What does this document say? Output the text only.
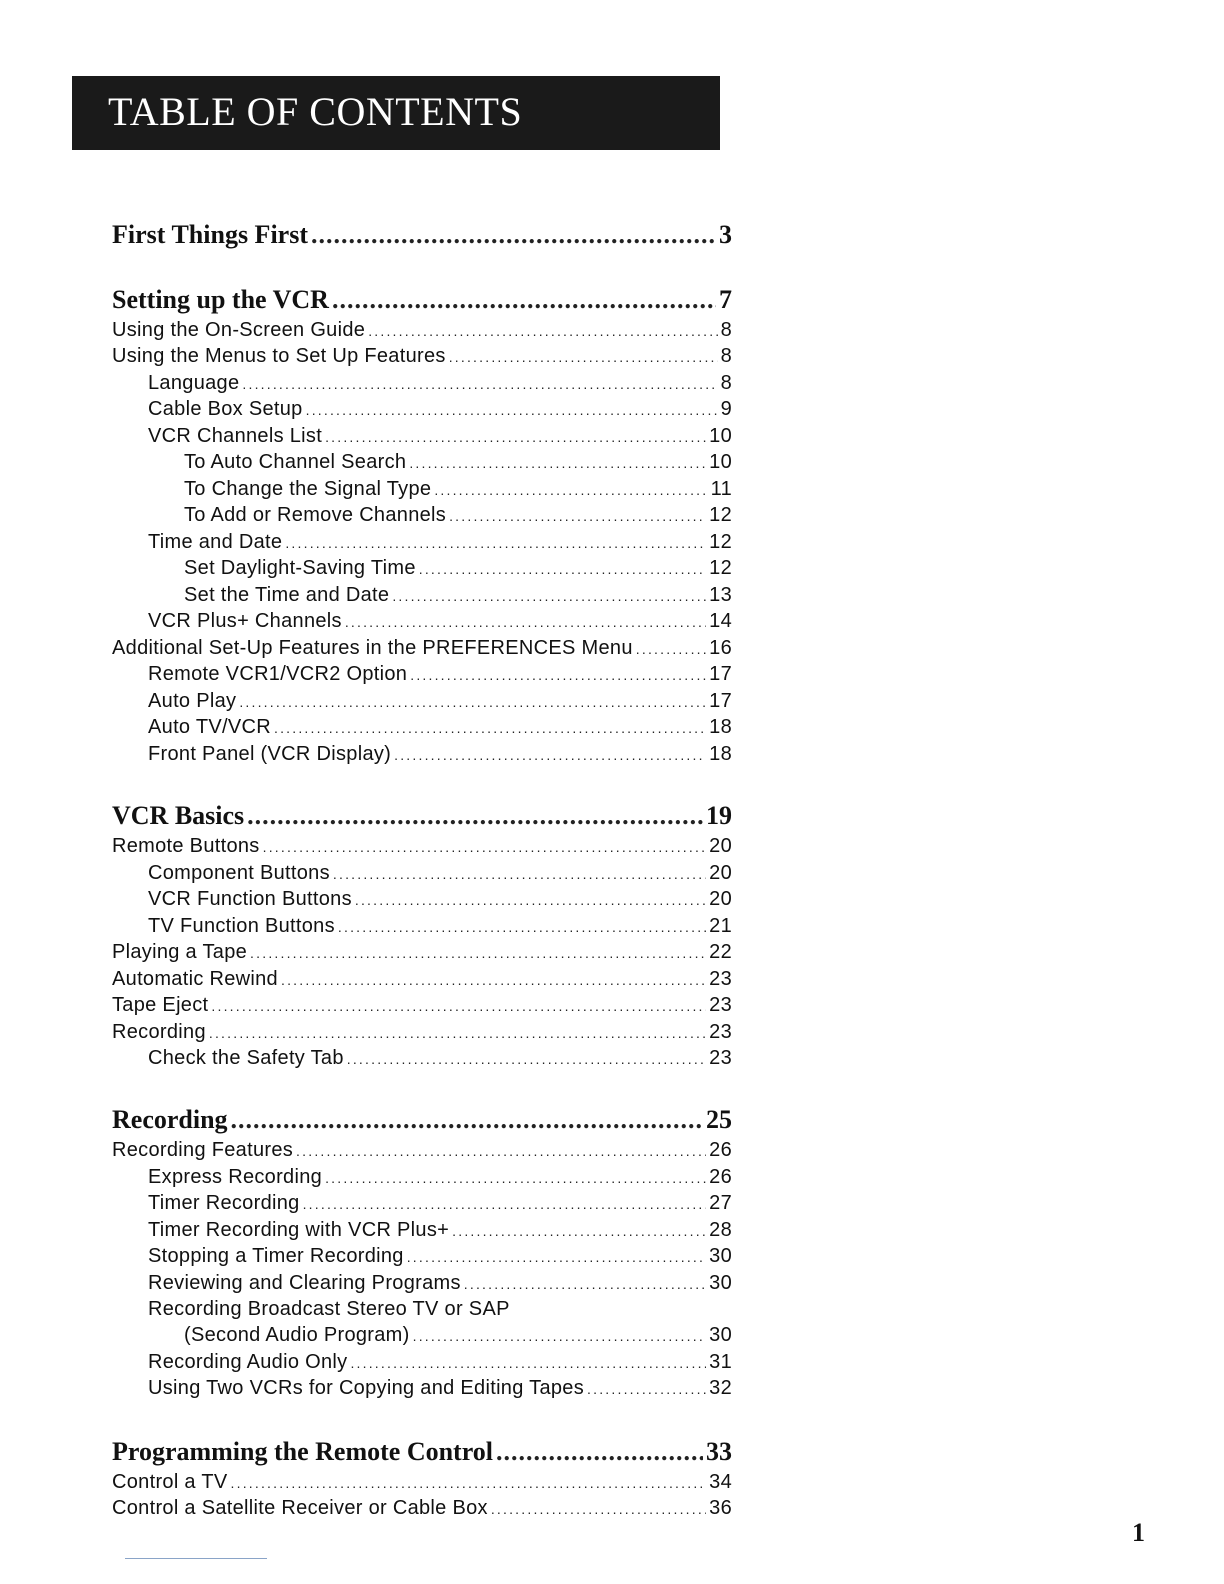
TABLE OF CONTENTS
First Things First .....	3
Setting up the VCR .....	7
Using the On-Screen Guide .....	8
Using the Menus to Set Up Features .....	8
Language .....	8
Cable Box Setup .....	9
VCR Channels List .....	10
To Auto Channel Search .....	10
To Change the Signal Type .....	11
To Add or Remove Channels .....	12
Time and Date .....	12
Set Daylight-Saving Time .....	12
Set the Time and Date .....	13
VCR Plus+ Channels .....	14
Additional Set-Up Features in the PREFERENCES Menu .....	16
Remote VCR1/VCR2 Option .....	17
Auto Play .....	17
Auto TV/VCR .....	18
Front Panel (VCR Display) .....	18
VCR Basics .....	19
Remote Buttons .....	20
Component Buttons .....	20
VCR Function Buttons .....	20
TV Function Buttons .....	21
Playing a Tape .....	22
Automatic Rewind .....	23
Tape Eject .....	23
Recording .....	23
Check the Safety Tab .....	23
Recording .....	25
Recording Features .....	26
Express Recording .....	26
Timer Recording .....	27
Timer Recording with VCR Plus+ .....	28
Stopping a Timer Recording .....	30
Reviewing and Clearing Programs .....	30
Recording Broadcast Stereo TV or SAP
(Second Audio Program) .....	30
Recording Audio Only .....	31
Using Two VCRs for Copying and Editing Tapes .....	32
Programming the Remote Control .....	33
Control a TV .....	34
Control a Satellite Receiver or Cable Box .....	36
1
